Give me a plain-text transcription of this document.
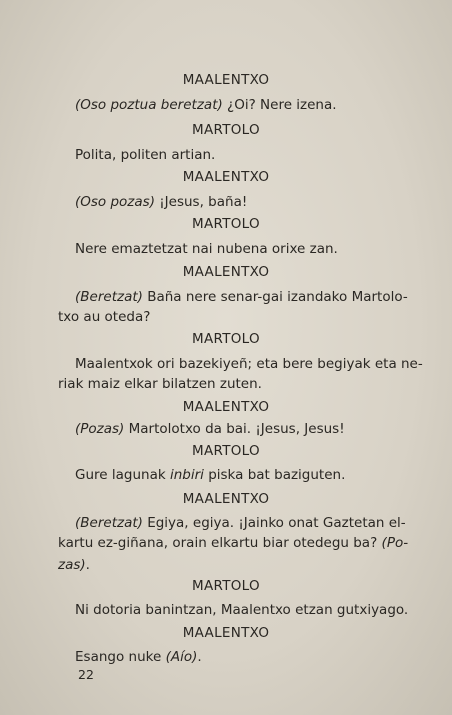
MAALENTXO
(Oso poztua beretzat) ¿Oi? Nere izena.
MARTOLO
Polita, politen artian.
MAALENTXO
(Oso pozas) ¡Jesus, baña!
MARTOLO
Nere emaztetzat nai nubena orixe zan.
MAALENTXO
(Beretzat) Baña nere senar-gai izandako Martolo-
txo au oteda?
MARTOLO
Maalentxok ori bazekiyeñ; eta bere begiyak eta ne-
riak maiz elkar bilatzen zuten.
MAALENTXO
(Pozas) Martolotxo da bai. ¡Jesus, Jesus!
MARTOLO
Gure lagunak inbiri piska bat baziguten.
MAALENTXO
(Beretzat) Egiya, egiya. ¡Jainko onat Gaztetan el-
kartu ez-giñana, orain elkartu biar otedegu ba? (Po-
zas).
MARTOLO
Ni dotoria banintzan, Maalentxo etzan gutxiyago.
MAALENTXO
Esango nuke (Aío).
22
